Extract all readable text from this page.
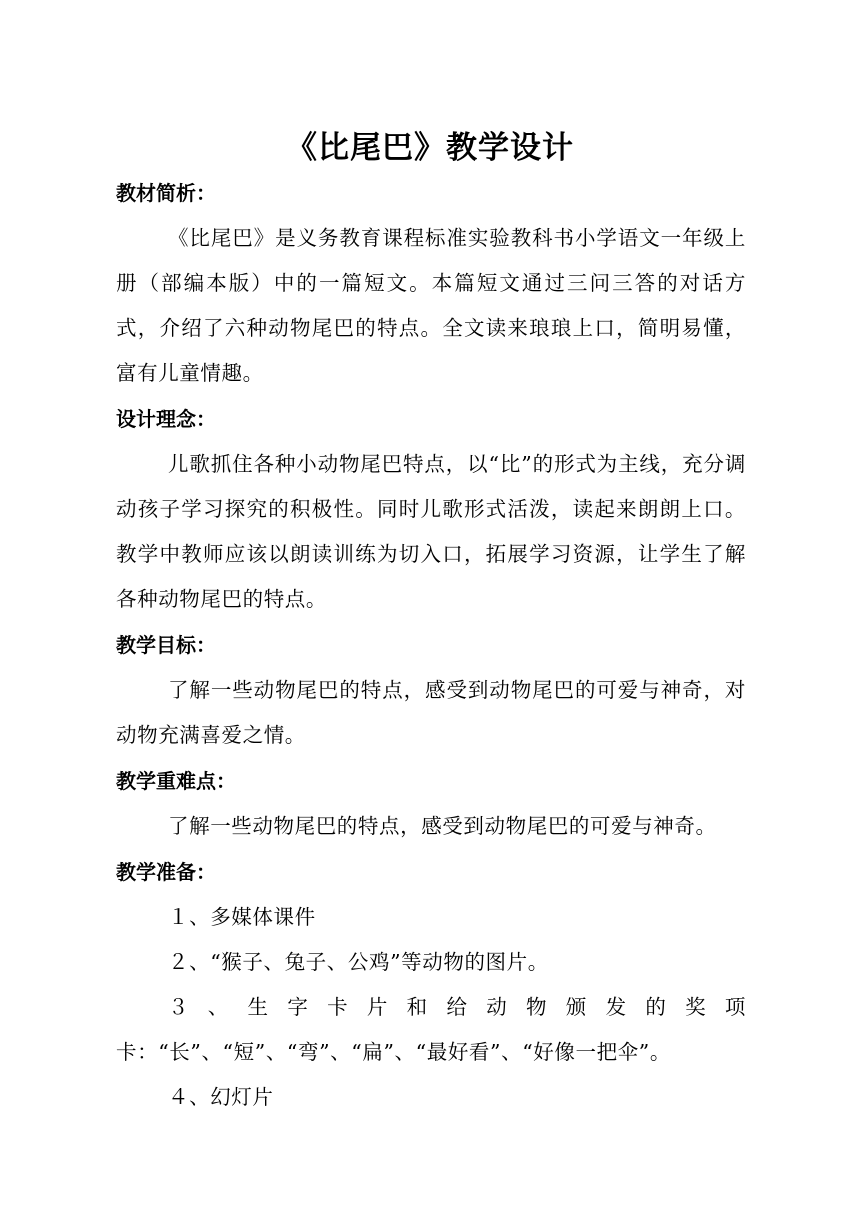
《比尾巴》教学设计
教材简析：
《比尾巴》是义务教育课程标准实验教科书小学语文一年级上册（部编本版）中的一篇短文。本篇短文通过三问三答的对话方式，介绍了六种动物尾巴的特点。全文读来琅琅上口，简明易懂，富有儿童情趣。
设计理念：
儿歌抓住各种小动物尾巴特点，以“比”的形式为主线，充分调动孩子学习探究的积极性。同时儿歌形式活泼，读起来朗朗上口。教学中教师应该以朗读训练为切入口，拓展学习资源，让学生了解各种动物尾巴的特点。
教学目标：
了解一些动物尾巴的特点，感受到动物尾巴的可爱与神奇，对动物充满喜爱之情。
教学重难点：
了解一些动物尾巴的特点，感受到动物尾巴的可爱与神奇。
教学准备：
１、多媒体课件
２、“猴子、兔子、公鸡”等动物的图片。
３、生字卡片和给动物颁发的奖项卡：“长”、“短”、“弯”、“扁”、“最好看”、“好像一把伞”。
４、幻灯片
